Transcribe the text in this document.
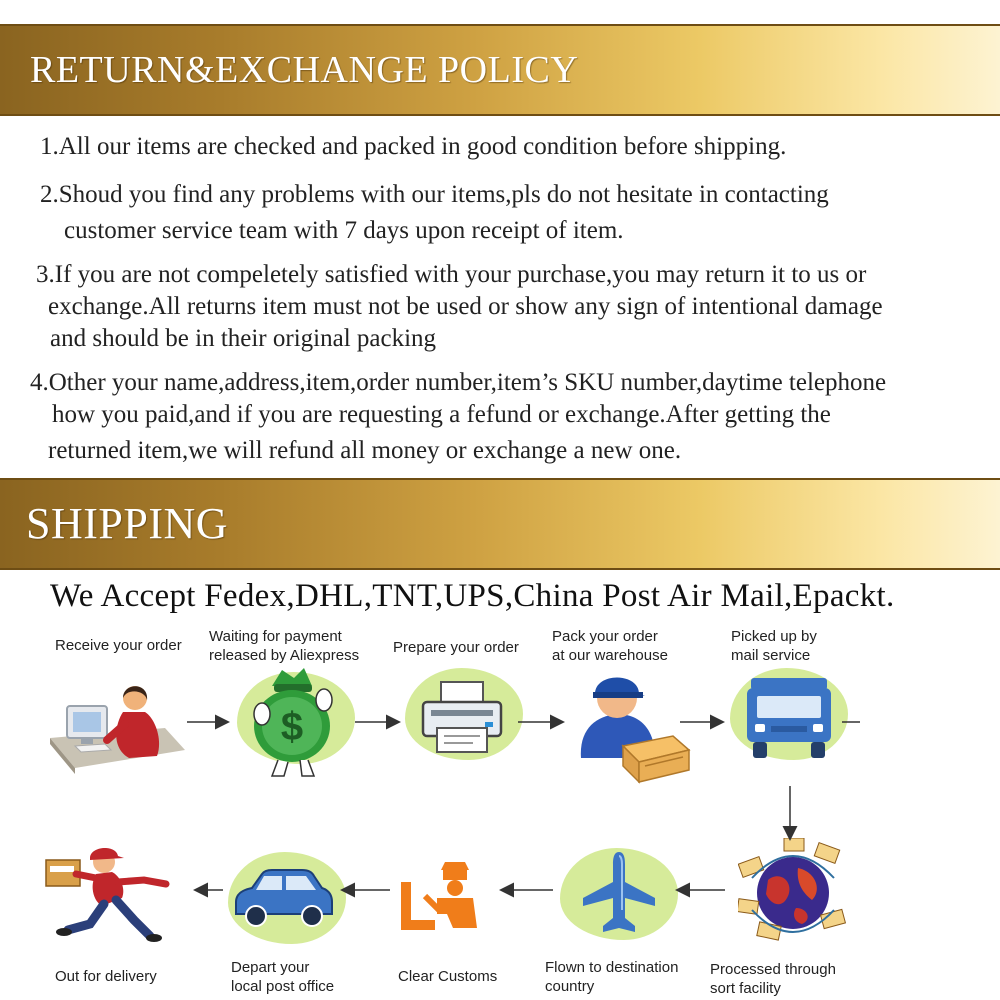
RETURN&EXCHANGE POLICY

1.All our items are checked and packed in good condition before shipping.

2.Shoud you find any problems with our items,pls do not hesitate in contacting

customer service team with 7 days upon receipt of item.

3.If you are not compeletely satisfied with your purchase,you may return it to us or

exchange.All returns item must not be used or show any sign of intentional damage

and should be in their original packing

4.Other your name,address,item,order number,item’s SKU number,daytime telephone

how you paid,and if you are requesting a fefund or exchange.After getting the

returned item,we will refund all money or exchange a new one.

SHIPPING

We Accept Fedex,DHL,TNT,UPS,China Post Air Mail,Epackt.

Receive your order
Waiting for payment
released by Aliexpress Prepare your order
Pack your order
at our warehouse
Picked up by
mail service
Processed through
sort facility
Flown to destination
country
Clear Customs
Depart your
local post office
Out for delivery
$
